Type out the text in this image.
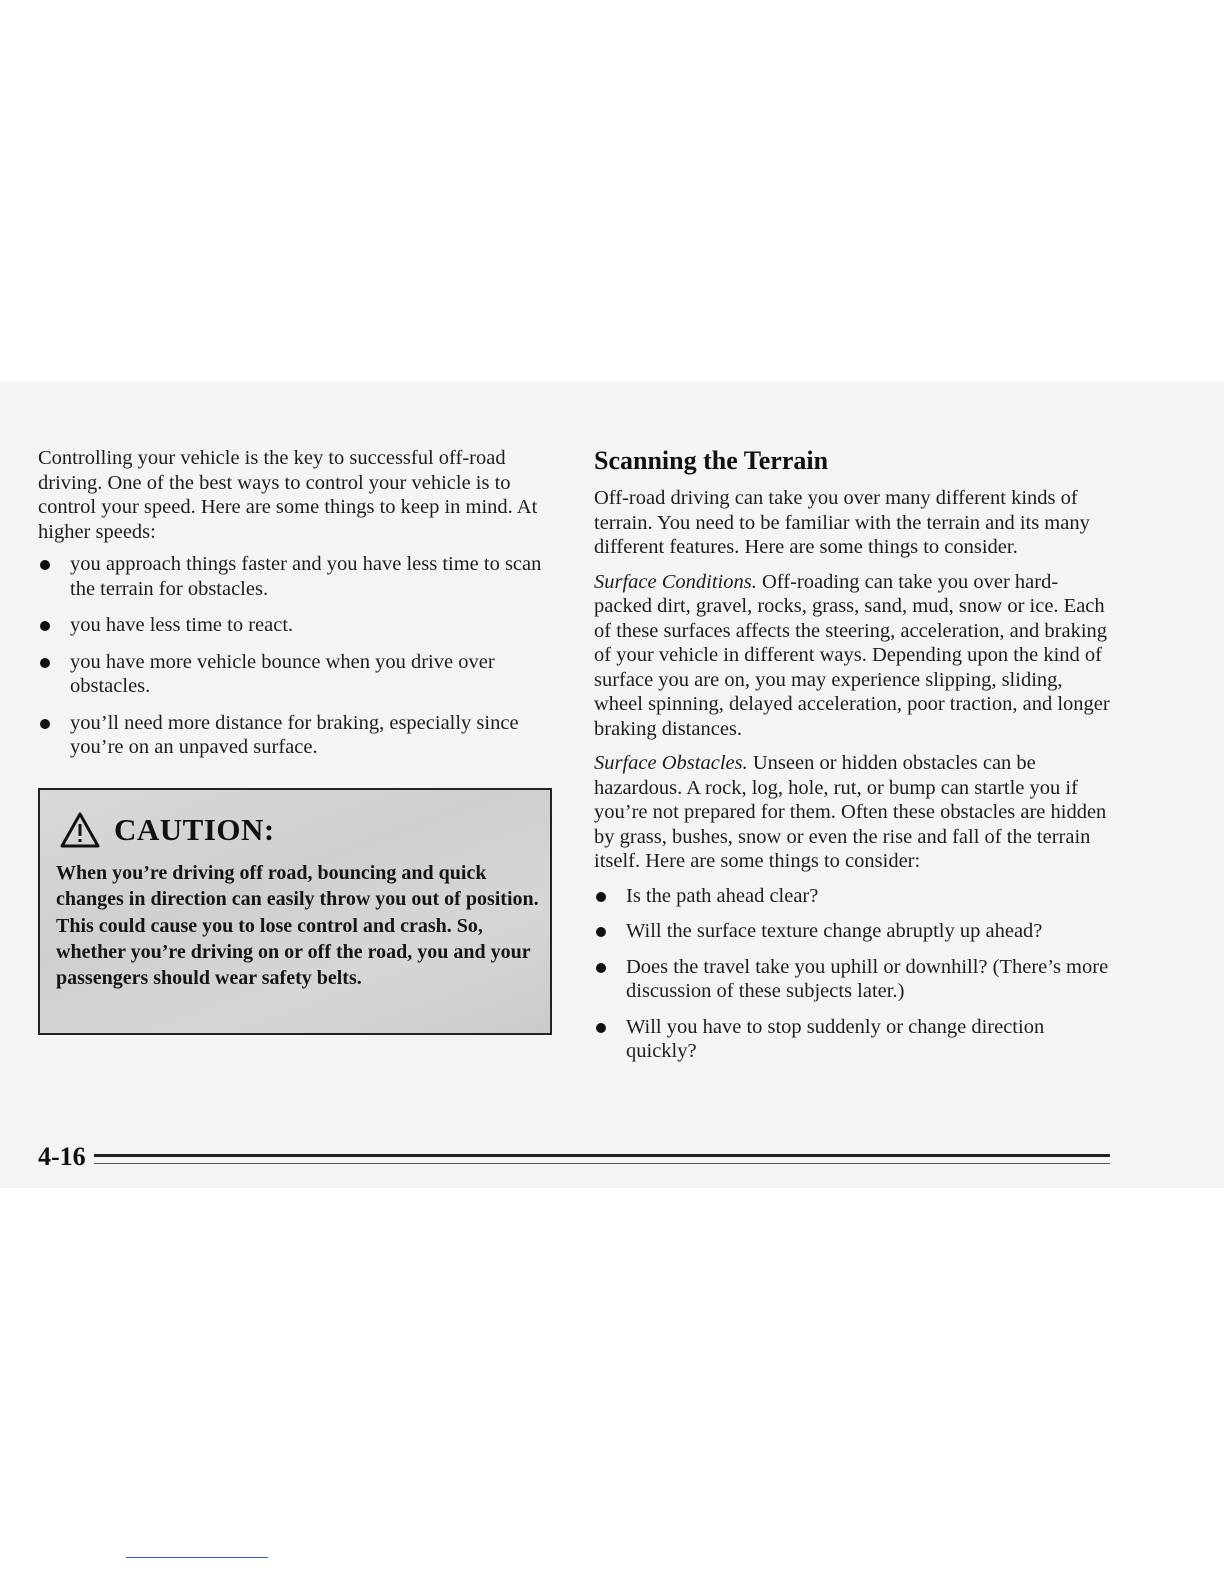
Controlling your vehicle is the key to successful off-road driving. One of the best ways to control your vehicle is to control your speed. Here are some things to keep in mind. At higher speeds:

you approach things faster and you have less time to scan the terrain for obstacles.
you have less time to react.
you have more vehicle bounce when you drive over obstacles.
you’ll need more distance for braking, especially since you’re on an unpaved surface.
CAUTION:
When you’re driving off road, bouncing and quick changes in direction can easily throw you out of position. This could cause you to lose control and crash. So, whether you’re driving on or off the road, you and your passengers should wear safety belts.
Scanning the Terrain

Off-road driving can take you over many different kinds of terrain. You need to be familiar with the terrain and its many different features. Here are some things to consider.

Surface Conditions. Off-roading can take you over hard-packed dirt, gravel, rocks, grass, sand, mud, snow or ice. Each of these surfaces affects the steering, acceleration, and braking of your vehicle in different ways. Depending upon the kind of surface you are on, you may experience slipping, sliding, wheel spinning, delayed acceleration, poor traction, and longer braking distances.

Surface Obstacles. Unseen or hidden obstacles can be hazardous. A rock, log, hole, rut, or bump can startle you if you’re not prepared for them. Often these obstacles are hidden by grass, bushes, snow or even the rise and fall of the terrain itself. Here are some things to consider:

Is the path ahead clear?
Will the surface texture change abruptly up ahead?
Does the travel take you uphill or downhill? (There’s more discussion of these subjects later.)
Will you have to stop suddenly or change direction quickly?
4-16
